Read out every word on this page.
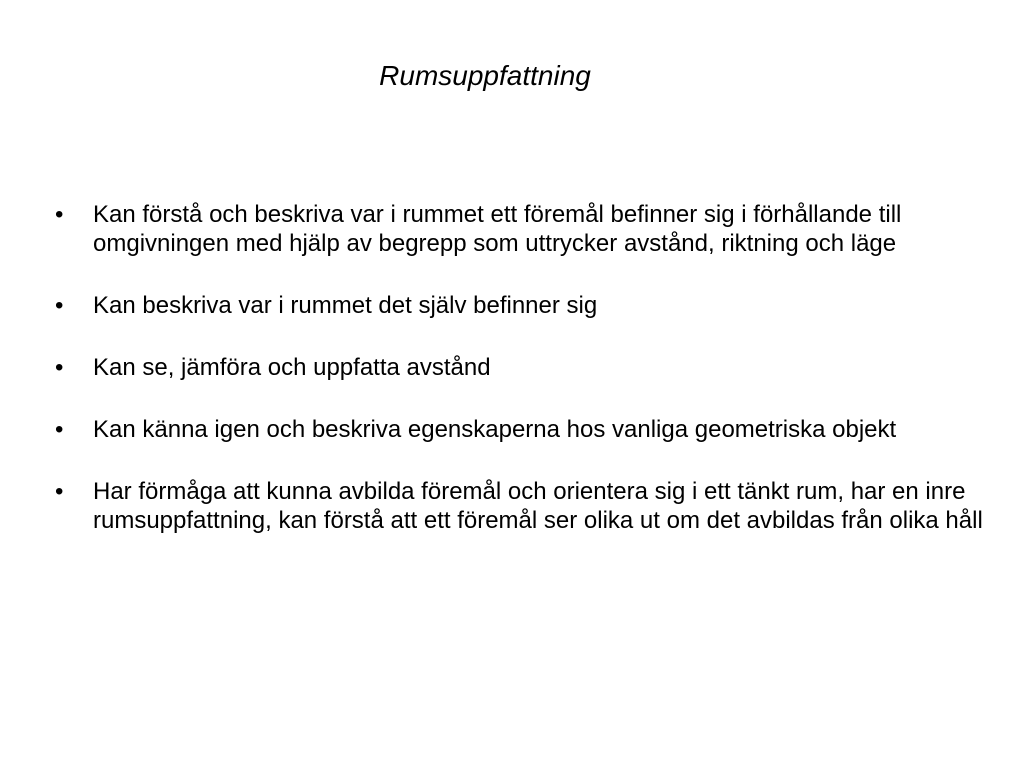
Rumsuppfattning
•	Kan förstå och beskriva var i rummet ett föremål befinner sig i förhållande till omgivningen med hjälp av begrepp som uttrycker avstånd, riktning och läge
•	Kan beskriva var i rummet det själv befinner sig
•	Kan se, jämföra och uppfatta avstånd
•	Kan känna igen och beskriva egenskaperna hos vanliga geometriska objekt
•	Har förmåga att kunna avbilda föremål och orientera sig i ett tänkt rum, har en inre rumsuppfattning, kan förstå att ett föremål ser olika ut om det avbildas från olika håll
